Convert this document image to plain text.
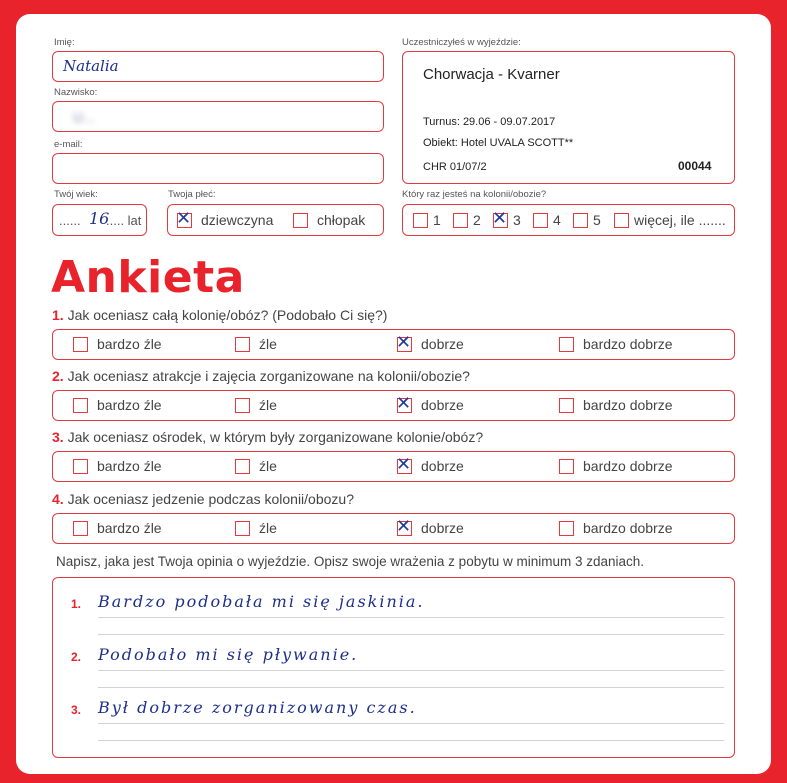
Imię:
Natalia
Nazwisko:
U...
e-mail:
Uczestniczyłeś w wyjeździe:
Chorwacja - Kvarner
Turnus: 29.06 - 09.07.2017
Obiekt: Hotel UVALA SCOTT**
CHR 01/07/2	00044
Twój wiek:
...... 16
..... lat
Twoja płeć:
✕ dziewczyna	chłopak
Który raz jesteś na kolonii/obozie?
1 2 ✕ 3 4 5 więcej, ile .......
Ankieta
1. Jak oceniasz całą kolonię/obóz? (Podobało Ci się?)
bardzo źle	źle	✕ dobrze	bardzo dobrze
2. Jak oceniasz atrakcje i zajęcia zorganizowane na kolonii/obozie?
bardzo źle	źle	✕ dobrze	bardzo dobrze
3. Jak oceniasz ośrodek, w którym były zorganizowane kolonie/obóz?
bardzo źle	źle	✕ dobrze	bardzo dobrze
4. Jak oceniasz jedzenie podczas kolonii/obozu?
bardzo źle	źle	✕ dobrze	bardzo dobrze
Napisz, jaka jest Twoja opinia o wyjeździe. Opisz swoje wrażenia z pobytu w minimum 3 zdaniach.
1. Bardzo podobała mi się jaskinia.
2. Podobało mi się pływanie.
3. Był dobrze zorganizowany czas.
